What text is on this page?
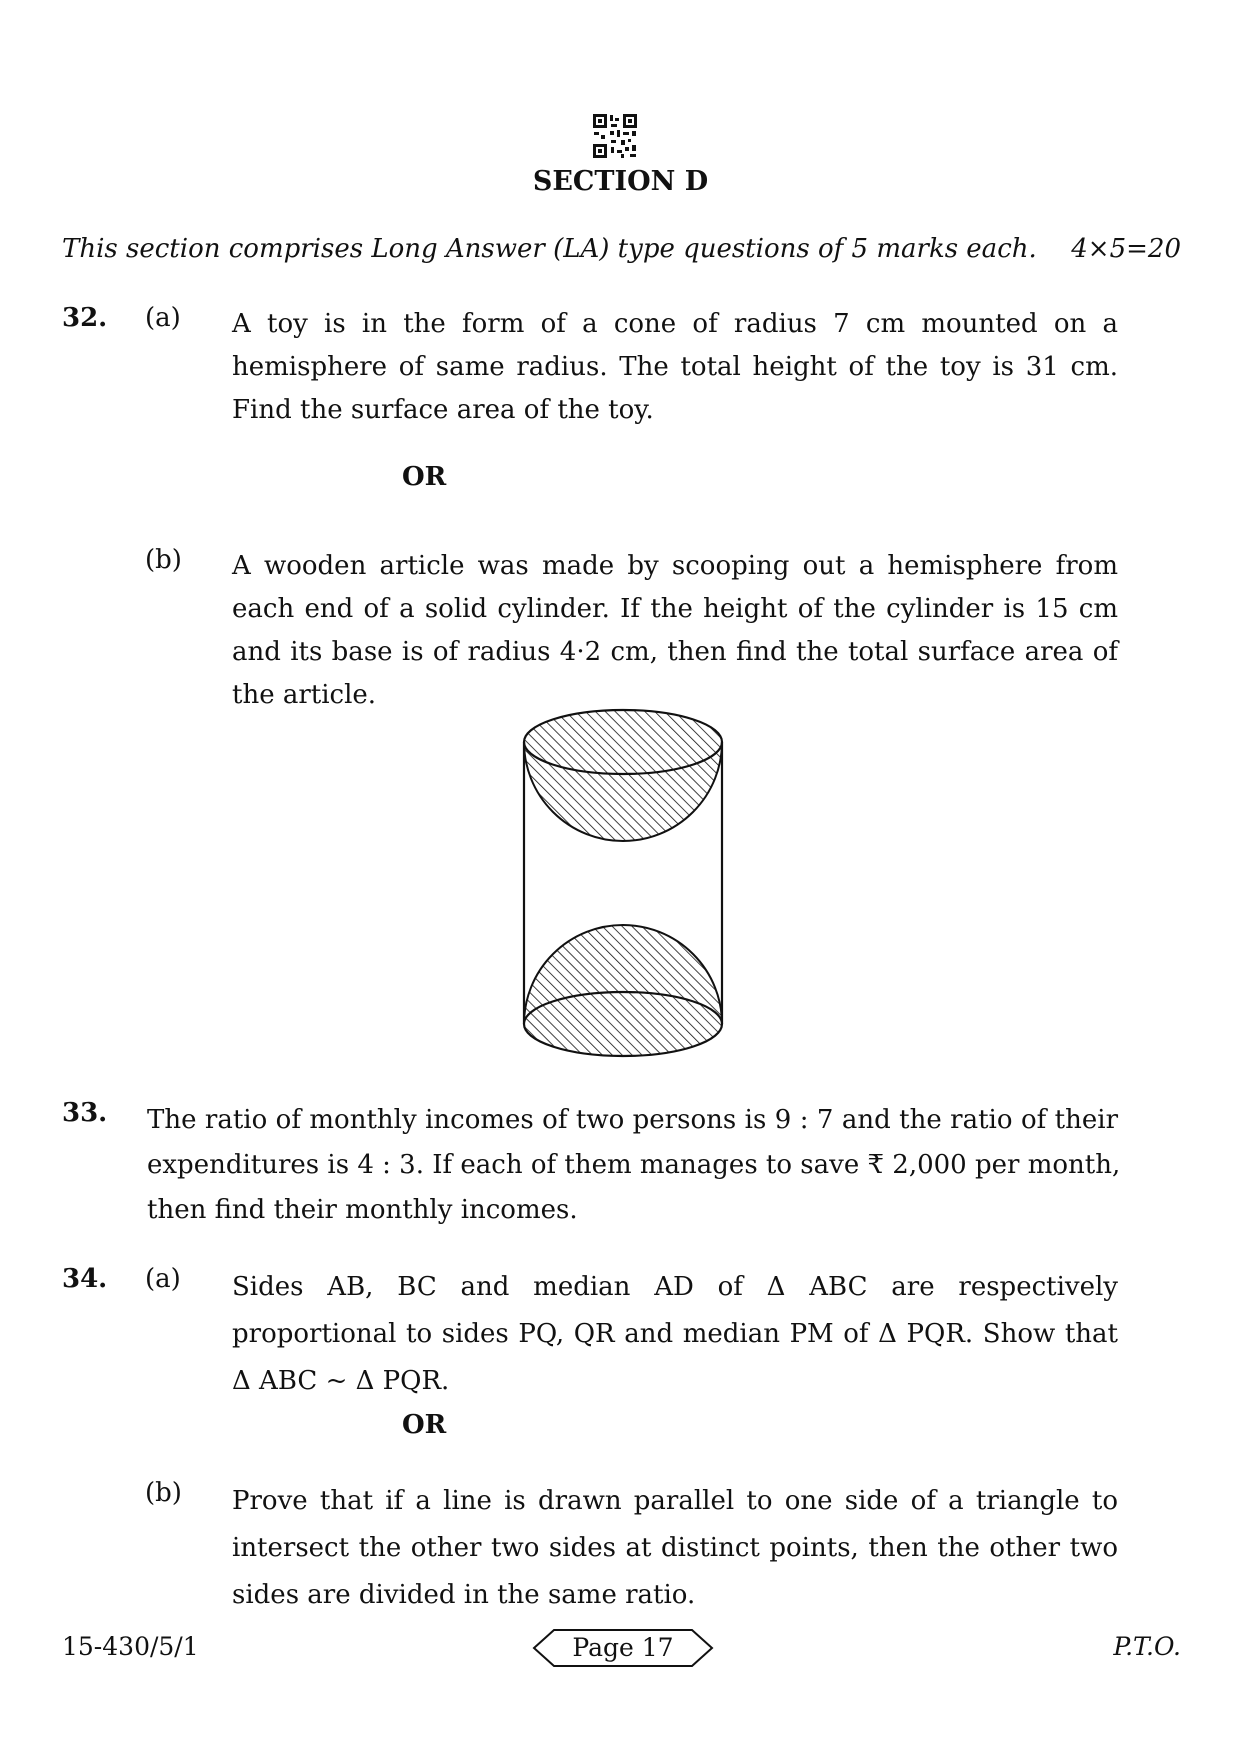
SECTION D
This section comprises Long Answer (LA) type questions of 5 marks each. 4×5=20
32. (a) A toy is in the form of a cone of radius 7 cm mounted on a
hemisphere of same radius. The total height of the toy is 31 cm.
Find the surface area of the toy.
OR
(b) A wooden article was made by scooping out a hemisphere from
each end of a solid cylinder. If the height of the cylinder is 15 cm
and its base is of radius 4·2 cm, then find the total surface area of
the article.
33. The ratio of monthly incomes of two persons is 9 : 7 and the ratio of their
expenditures is 4 : 3. If each of them manages to save ₹ 2,000 per month,
then find their monthly incomes.
34. (a) Sides AB, BC and median AD of Δ ABC are respectively
proportional to sides PQ, QR and median PM of Δ PQR. Show that
Δ ABC ~ Δ PQR.
OR
(b) Prove that if a line is drawn parallel to one side of a triangle to
intersect the other two sides at distinct points, then the other two
sides are divided in the same ratio.
15-430/5/1	Page 17	P.T.O.
